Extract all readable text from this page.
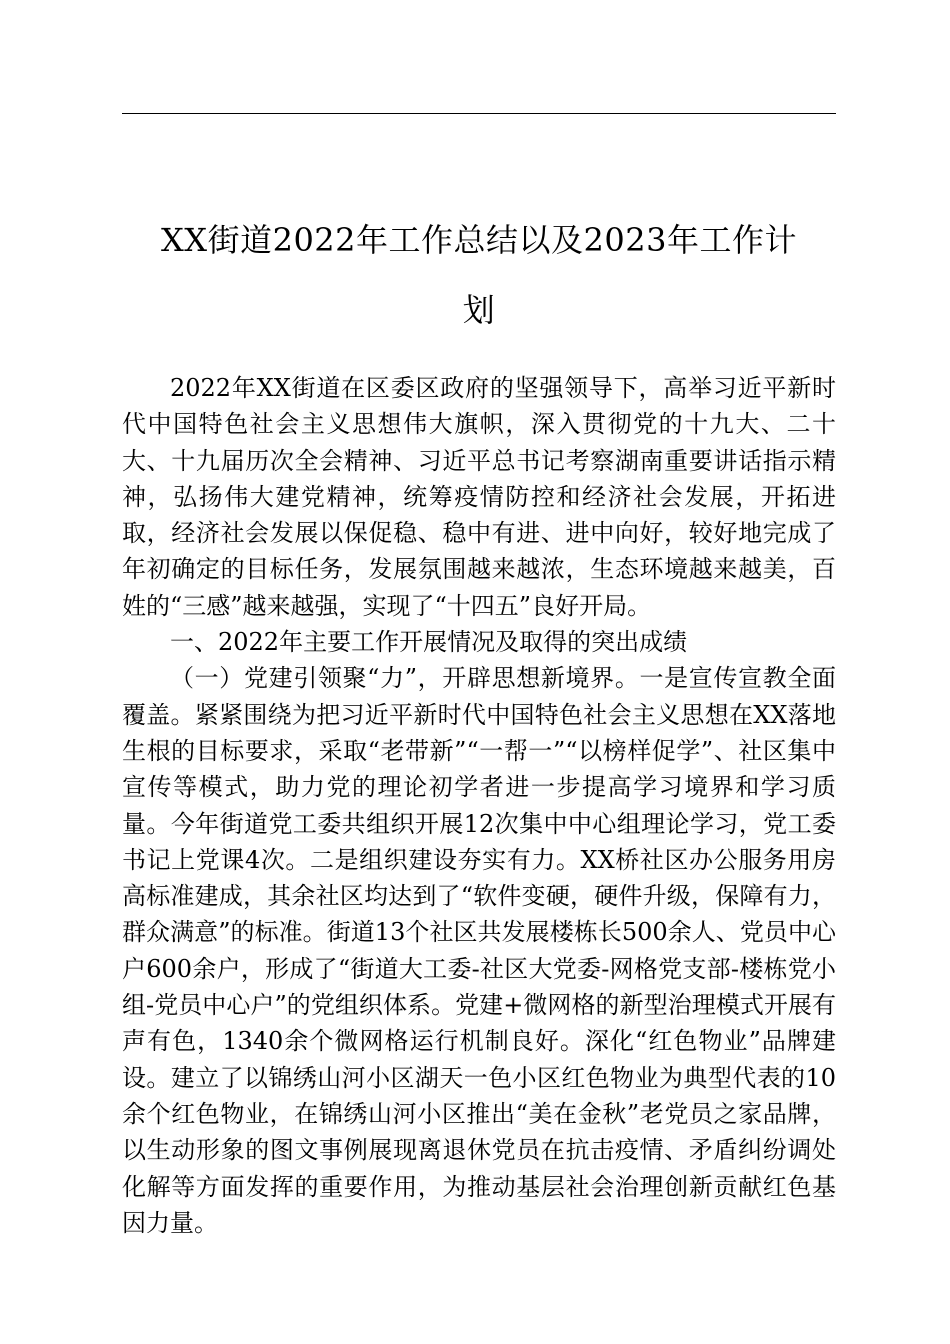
XX街道2022年工作总结以及2023年工作计
划

2022年XX街道在区委区政府的坚强领导下，高举习近平新时代中国特色社会主义思想伟大旗帜，深入贯彻党的十九大、二十大、十九届历次全会精神、习近平总书记考察湖南重要讲话指示精神，弘扬伟大建党精神，统筹疫情防控和经济社会发展，开拓进取，经济社会发展以保促稳、稳中有进、进中向好，较好地完成了年初确定的目标任务，发展氛围越来越浓，生态环境越来越美，百姓的“三感”越来越强，实现了“十四五”良好开局。

一、2022年主要工作开展情况及取得的突出成绩

（一）党建引领聚“力”，开辟思想新境界。一是宣传宣教全面覆盖。紧紧围绕为把习近平新时代中国特色社会主义思想在XX落地生根的目标要求，采取“老带新”“一帮一”“以榜样促学”、社区集中宣传等模式，助力党的理论初学者进一步提高学习境界和学习质量。今年街道党工委共组织开展12次集中中心组理论学习，党工委书记上党课4次。二是组织建设夯实有力。XX桥社区办公服务用房高标准建成，其余社区均达到了“软件变硬，硬件升级，保障有力，群众满意”的标准。街道13个社区共发展楼栋长500余人、党员中心户600余户，形成了“街道大工委-社区大党委-网格党支部-楼栋党小组-党员中心户”的党组织体系。党建+微网格的新型治理模式开展有声有色，1340余个微网格运行机制良好。深化“红色物业”品牌建设。建立了以锦绣山河小区湖天一色小区红色物业为典型代表的10余个红色物业，在锦绣山河小区推出“美在金秋”老党员之家品牌，以生动形象的图文事例展现离退休党员在抗击疫情、矛盾纠纷调处化解等方面发挥的重要作用，为推动基层社会治理创新贡献红色基因力量。
